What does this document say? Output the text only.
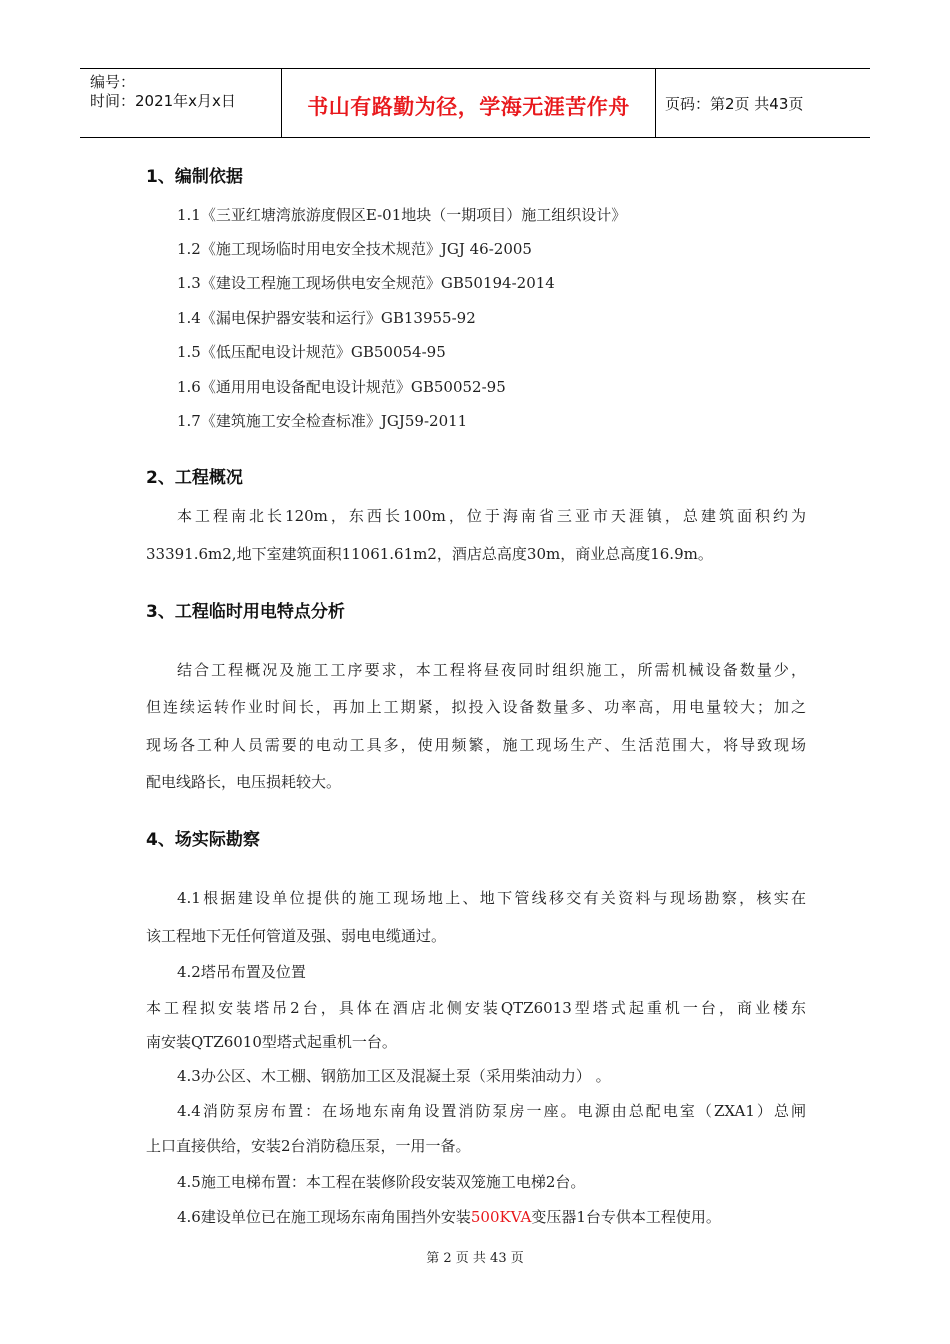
编号：
时间：2021年x月x日	书山有路勤为径，学海无涯苦作舟	页码：第2页 共43页
1、编制依据
1.1《三亚红塘湾旅游度假区E-01地块（一期项目）施工组织设计》
1.2《施工现场临时用电安全技术规范》JGJ 46-2005
1.3《建设工程施工现场供电安全规范》GB50194-2014
1.4《漏电保护器安装和运行》GB13955-92
1.5《低压配电设计规范》GB50054-95
1.6《通用用电设备配电设计规范》GB50052-95
1.7《建筑施工安全检查标准》JGJ59-2011
2、工程概况
本工程南北长120m，东西长100m，位于海南省三亚市天涯镇，总建筑面积约为
33391.6m2,地下室建筑面积11061.61m2，酒店总高度30m，商业总高度16.9m。
3、工程临时用电特点分析
结合工程概况及施工工序要求，本工程将昼夜同时组织施工，所需机械设备数量少，
但连续运转作业时间长，再加上工期紧，拟投入设备数量多、功率高，用电量较大；加之
现场各工种人员需要的电动工具多，使用频繁，施工现场生产、生活范围大，将导致现场
配电线路长，电压损耗较大。
4、场实际勘察
4.1根据建设单位提供的施工现场地上、地下管线移交有关资料与现场勘察，核实在
该工程地下无任何管道及强、弱电电缆通过。
4.2塔吊布置及位置
本工程拟安装塔吊2台，具体在酒店北侧安装QTZ6013型塔式起重机一台，商业楼东
南安装QTZ6010型塔式起重机一台。
4.3办公区、木工棚、钢筋加工区及混凝土泵（采用柴油动力） 。
4.4消防泵房布置：在场地东南角设置消防泵房一座。电源由总配电室（ZXA1）总闸
上口直接供给，安装2台消防稳压泵，一用一备。
4.5施工电梯布置：本工程在装修阶段安装双笼施工电梯2台。
4.6建设单位已在施工现场东南角围挡外安装500KVA变压器1台专供本工程使用。
第 2 页 共 43 页
